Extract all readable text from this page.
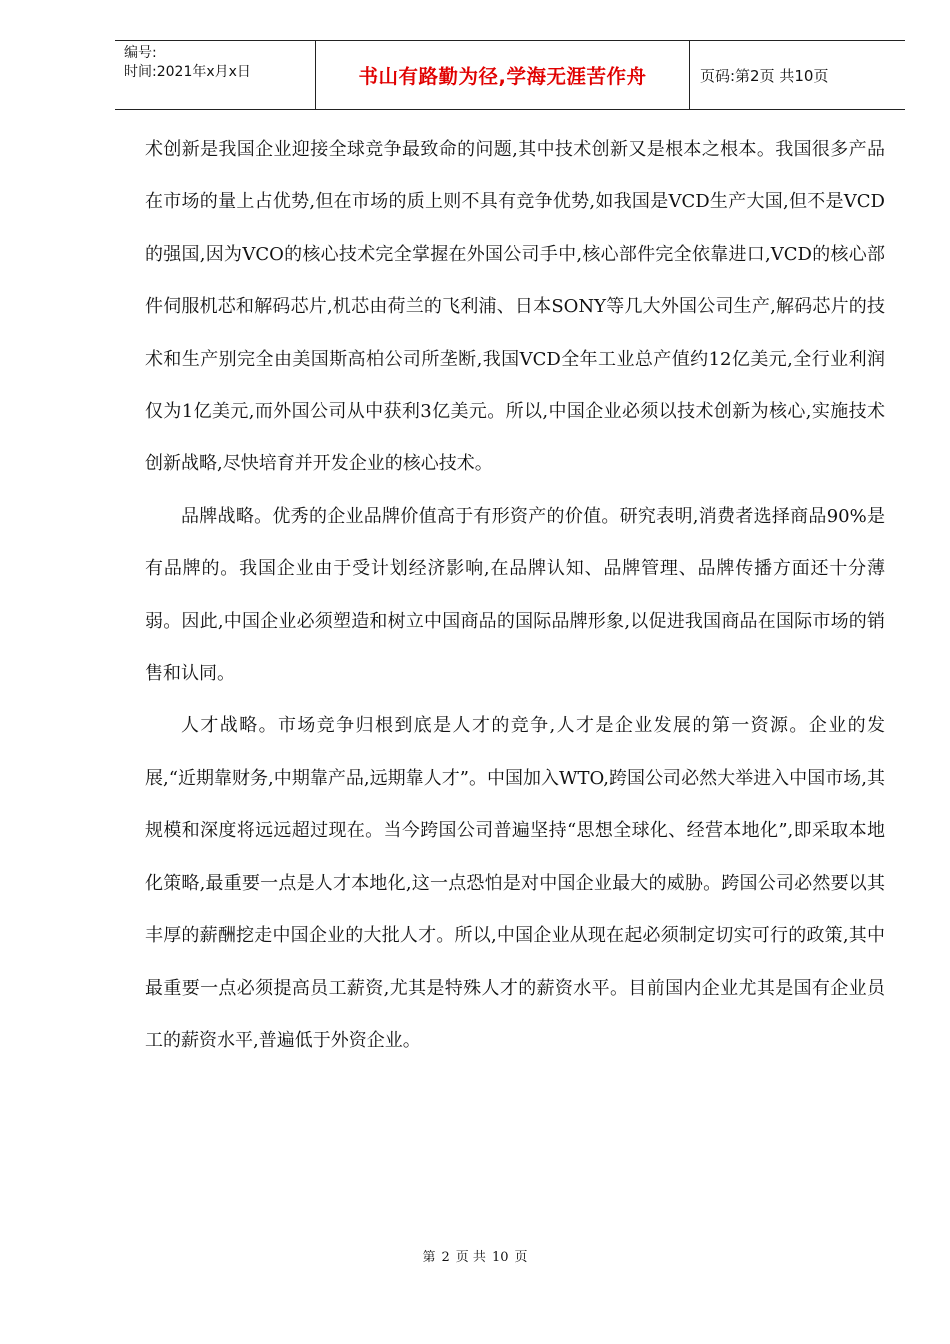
编号:
时间:2021年x月x日	书山有路勤为径,学海无涯苦作舟	页码:第2页 共10页

术创新是我国企业迎接全球竞争最致命的问题,其中技术创新又是根本之根本。我国很多产品在市场的量上占优势,但在市场的质上则不具有竞争优势,如我国是VCD生产大国,但不是VCD的强国,因为VCO的核心技术完全掌握在外国公司手中,核心部件完全依靠进口,VCD的核心部件伺服机芯和解码芯片,机芯由荷兰的飞利浦、日本SONY等几大外国公司生产,解码芯片的技术和生产别完全由美国斯高柏公司所垄断,我国VCD全年工业总产值约12亿美元,全行业利润仅为1亿美元,而外国公司从中获利3亿美元。所以,中国企业必须以技术创新为核心,实施技术创新战略,尽快培育并开发企业的核心技术。

品牌战略。优秀的企业品牌价值高于有形资产的价值。研究表明,消费者选择商品90%是有品牌的。我国企业由于受计划经济影响,在品牌认知、品牌管理、品牌传播方面还十分薄弱。因此,中国企业必须塑造和树立中国商品的国际品牌形象,以促进我国商品在国际市场的销售和认同。

人才战略。市场竞争归根到底是人才的竞争,人才是企业发展的第一资源。企业的发展,“近期靠财务,中期靠产品,远期靠人才”。中国加入WTO,跨国公司必然大举进入中国市场,其规模和深度将远远超过现在。当今跨国公司普遍坚持“思想全球化、经营本地化”,即采取本地化策略,最重要一点是人才本地化,这一点恐怕是对中国企业最大的威胁。跨国公司必然要以其丰厚的薪酬挖走中国企业的大批人才。所以,中国企业从现在起必须制定切实可行的政策,其中最重要一点必须提高员工薪资,尤其是特殊人才的薪资水平。目前国内企业尤其是国有企业员工的薪资水平,普遍低于外资企业。

第 2 页 共 10 页
